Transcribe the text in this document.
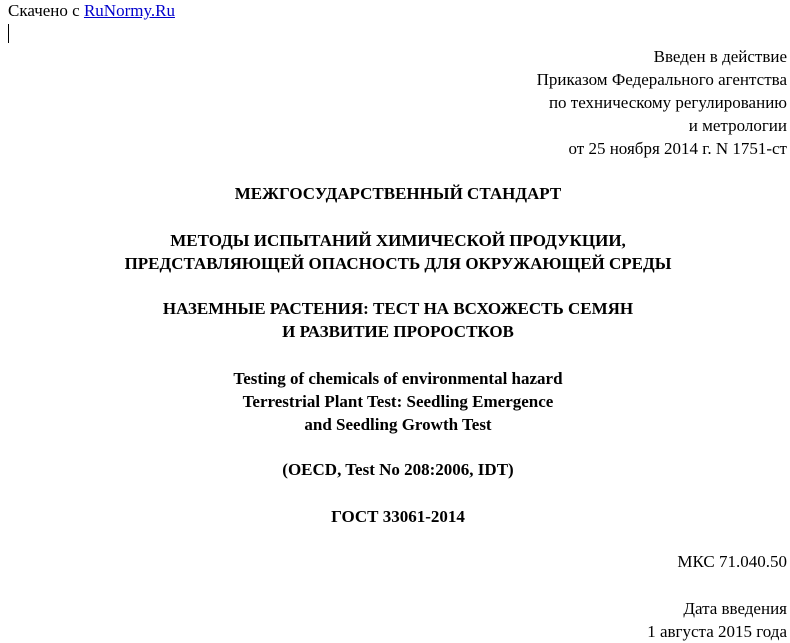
Скачено с RuNormy.Ru
Введен в действие
Приказом Федерального агентства
по техническому регулированию
и метрологии
от 25 ноября 2014 г. N 1751-ст
МЕЖГОСУДАРСТВЕННЫЙ СТАНДАРТ
МЕТОДЫ ИСПЫТАНИЙ ХИМИЧЕСКОЙ ПРОДУКЦИИ,
ПРЕДСТАВЛЯЮЩЕЙ ОПАСНОСТЬ ДЛЯ ОКРУЖАЮЩЕЙ СРЕДЫ
НАЗЕМНЫЕ РАСТЕНИЯ: ТЕСТ НА ВСХОЖЕСТЬ СЕМЯН
И РАЗВИТИЕ ПРОРОСТКОВ
Testing of chemicals of environmental hazard
Terrestrial Plant Test: Seedling Emergence
and Seedling Growth Test
(OECD, Test No 208:2006, IDT)
ГОСТ 33061-2014
МКС 71.040.50
Дата введения
1 августа 2015 года
